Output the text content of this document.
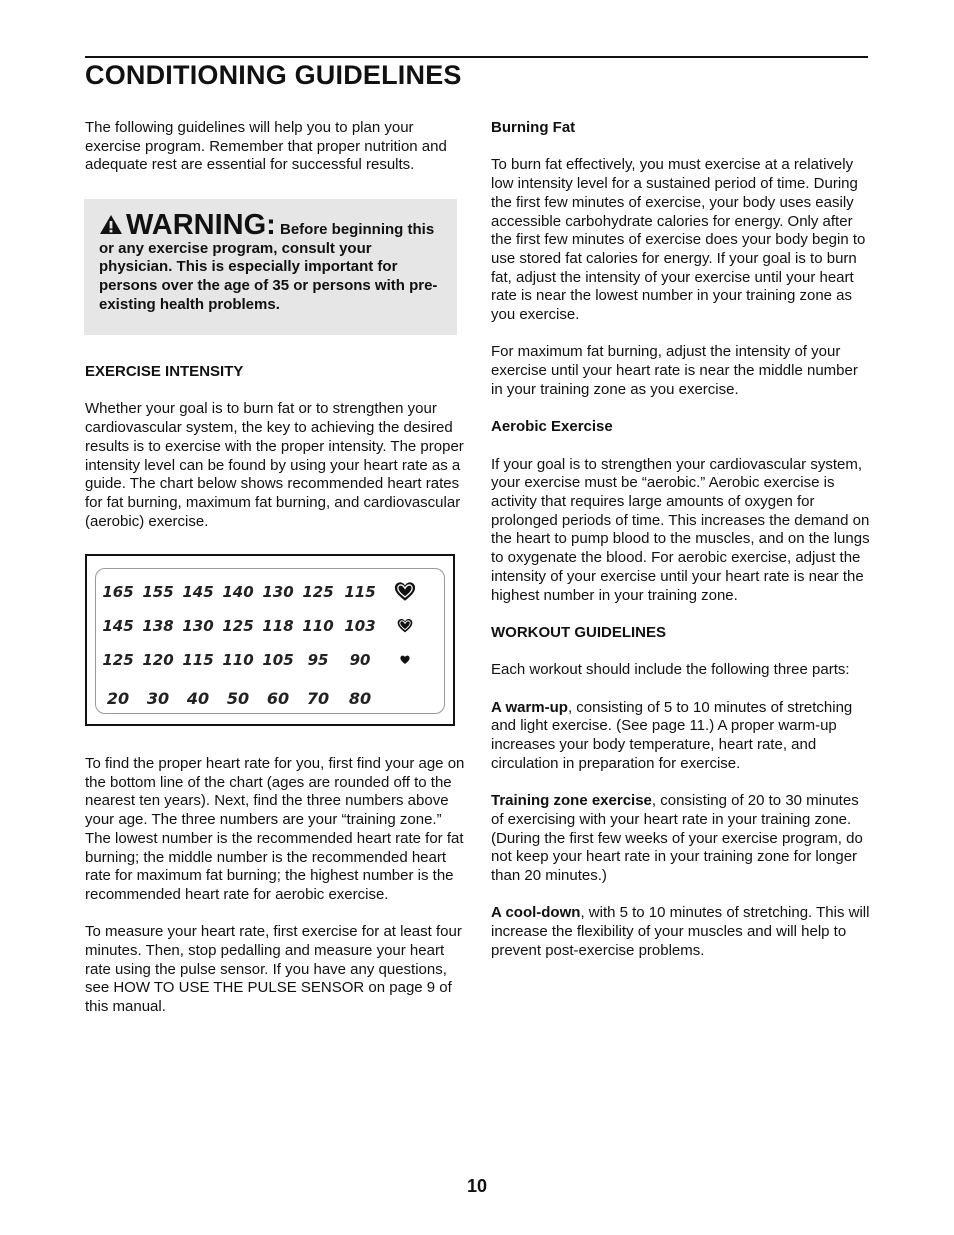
CONDITIONING GUIDELINES

The following guidelines will help you to plan your exercise program. Remember that proper nutrition and adequate rest are essential for successful results.

WARNING: Before beginning this or any exercise program, consult your physician. This is especially important for persons over the age of 35 or persons with pre-existing health problems.

EXERCISE INTENSITY

Whether your goal is to burn fat or to strengthen your cardiovascular system, the key to achieving the desired results is to exercise with the proper intensity. The proper intensity level can be found by using your heart rate as a guide. The chart below shows recommended heart rates for fat burning, maximum fat burning, and cardiovascular (aerobic) exercise.

165 155 145 140 130 125 115
145 138 130 125 118 110 103
125 120 115 110 105 95 90
20 30 40 50 60 70 80

To find the proper heart rate for you, first find your age on the bottom line of the chart (ages are rounded off to the nearest ten years). Next, find the three numbers above your age. The three numbers are your “training zone.” The lowest number is the recommended heart rate for fat burning; the middle number is the recommended heart rate for maximum fat burning; the highest number is the recommended heart rate for aerobic exercise.

To measure your heart rate, first exercise for at least four minutes. Then, stop pedalling and measure your heart rate using the pulse sensor. If you have any questions, see HOW TO USE THE PULSE SENSOR on page 9 of this manual.

Burning Fat

To burn fat effectively, you must exercise at a relatively low intensity level for a sustained period of time. During the first few minutes of exercise, your body uses easily accessible carbohydrate calories for energy. Only after the first few minutes of exercise does your body begin to use stored fat calories for energy. If your goal is to burn fat, adjust the intensity of your exercise until your heart rate is near the lowest number in your training zone as you exercise.

For maximum fat burning, adjust the intensity of your exercise until your heart rate is near the middle number in your training zone as you exercise.

Aerobic Exercise

If your goal is to strengthen your cardiovascular system, your exercise must be “aerobic.” Aerobic exercise is activity that requires large amounts of oxygen for prolonged periods of time. This increases the demand on the heart to pump blood to the muscles, and on the lungs to oxygenate the blood. For aerobic exercise, adjust the intensity of your exercise until your heart rate is near the highest number in your training zone.

WORKOUT GUIDELINES

Each workout should include the following three parts:

A warm-up, consisting of 5 to 10 minutes of stretching and light exercise. (See page 11.) A proper warm-up increases your body temperature, heart rate, and circulation in preparation for exercise.

Training zone exercise, consisting of 20 to 30 minutes of exercising with your heart rate in your training zone. (During the first few weeks of your exercise program, do not keep your heart rate in your training zone for longer than 20 minutes.)

A cool-down, with 5 to 10 minutes of stretching. This will increase the flexibility of your muscles and will help to prevent post-exercise problems.

10
